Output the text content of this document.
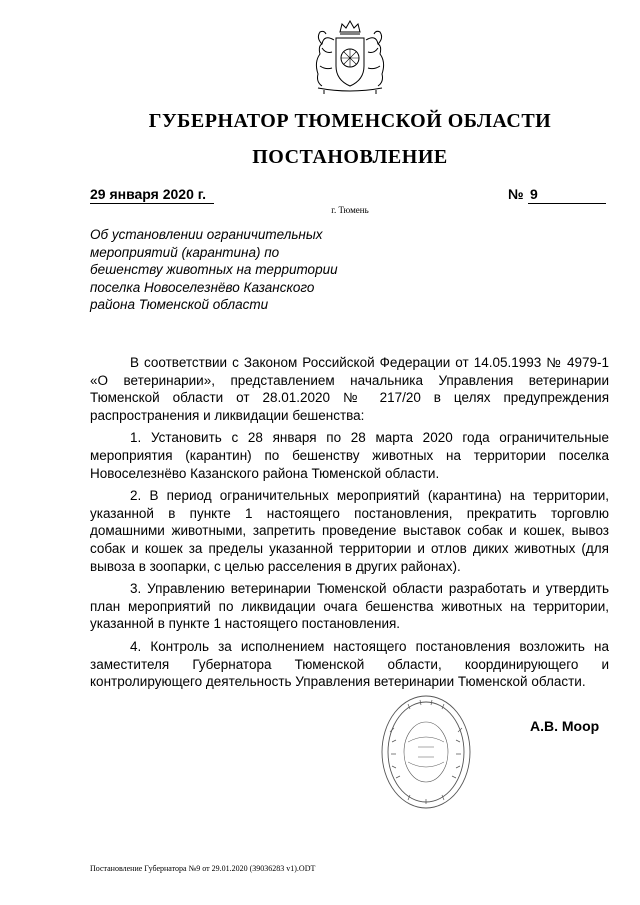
ГУБЕРНАТОР ТЮМЕНСКОЙ ОБЛАСТИ
ПОСТАНОВЛЕНИЕ
29 января 2020 г.	№ 9
г. Тюмень
Об установлении ограничительных
мероприятий (карантина) по
бешенству животных на территории
поселка Новоселезнёво Казанского
района Тюменской области

В соответствии с Законом Российской Федерации от 14.05.1993 № 4979-1 «О ветеринарии», представлением начальника Управления ветеринарии Тюменской области от 28.01.2020 № 217/20 в целях предупреждения распространения и ликвидации бешенства:

1. Установить с 28 января по 28 марта 2020 года ограничительные мероприятия (карантин) по бешенству животных на территории поселка Новоселезнёво Казанского района Тюменской области.

2. В период ограничительных мероприятий (карантина) на территории, указанной в пункте 1 настоящего постановления, прекратить торговлю домашними животными, запретить проведение выставок собак и кошек, вывоз собак и кошек за пределы указанной территории и отлов диких животных (для вывоза в зоопарки, с целью расселения в других районах).

3. Управлению ветеринарии Тюменской области разработать и утвердить план мероприятий по ликвидации очага бешенства животных на территории, указанной в пункте 1 настоящего постановления.

4. Контроль за исполнением настоящего постановления возложить на заместителя Губернатора Тюменской области, координирующего и контролирующего деятельность Управления ветеринарии Тюменской области.

А.В. Моор
Постановление Губернатора №9 от 29.01.2020 (39036283 v1).ODT
